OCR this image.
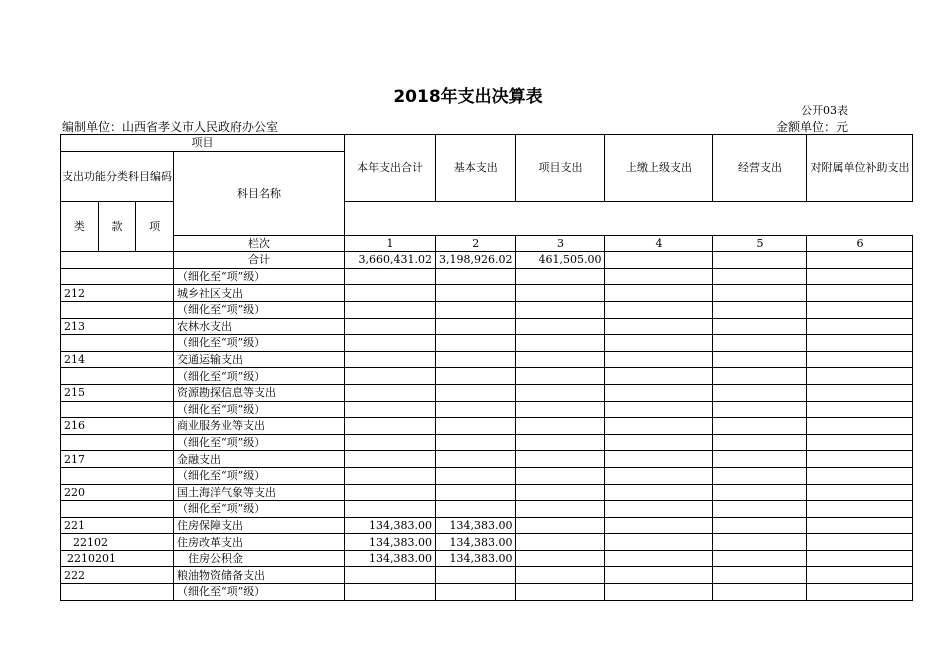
2018年支出决算表
公开03表
编制单位：山西省孝义市人民政府办公室	金额单位：元
项目				本年支出合计	基本支出	项目支出	上缴上级支出	经营支出	对附属单位补助支出
支出功能分类科目编码			科目名称						

类	款	项							
			栏次	1	2	3	4	5	6
			合计	3,660,431.02	3,198,926.02	461,505.00			
			（细化至“项”级）						
212			城乡社区支出						
			（细化至“项”级）						
213			农林水支出						
			（细化至“项”级）						
214			交通运输支出						
			（细化至“项”级）						
215			资源勘探信息等支出						
			（细化至“项”级）						
216			商业服务业等支出						
			（细化至“项”级）						
217			金融支出						
			（细化至“项”级）						
220			国土海洋气象等支出						
			（细化至“项”级）						
221			住房保障支出	134,383.00	134,383.00				
22102			住房改革支出	134,383.00	134,383.00				
2210201			住房公积金	134,383.00	134,383.00				
222			粮油物资储备支出						
			（细化至“项”级）						
